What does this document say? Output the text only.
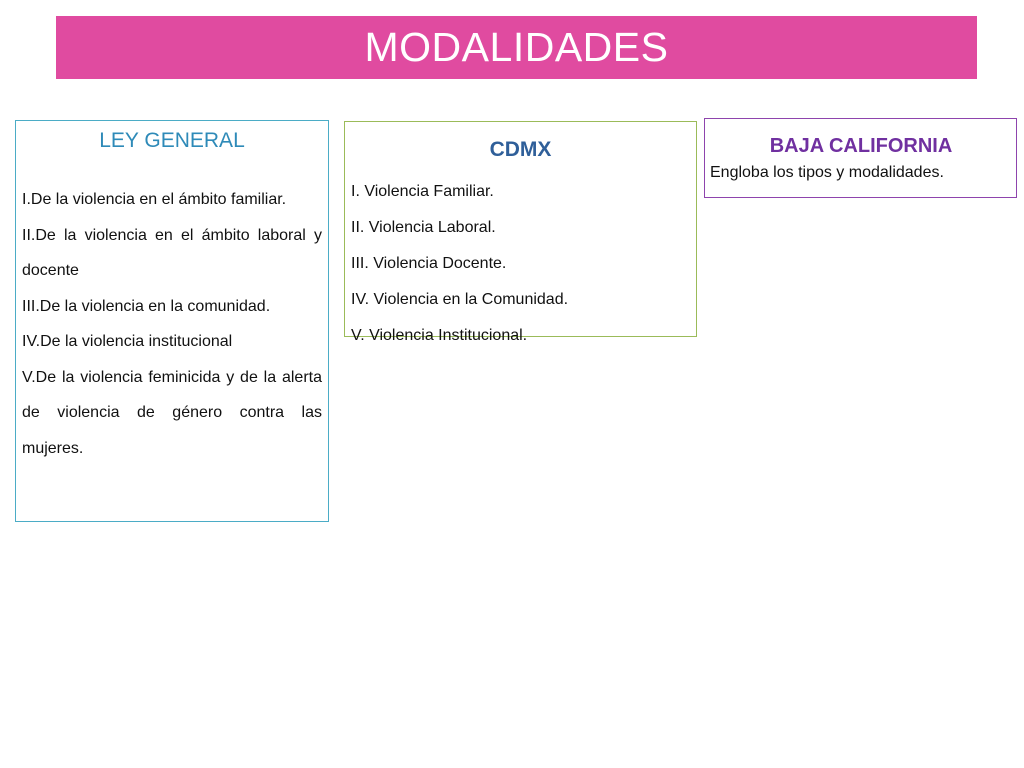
MODALIDADES
LEY GENERAL
I.De la violencia en el ámbito familiar.
II.De la violencia en el ámbito laboral y docente
III.De la violencia en la comunidad.
IV.De la violencia institucional
V.De la violencia feminicida y de la alerta de violencia de género contra las mujeres.
CDMX
I. Violencia Familiar.
II. Violencia Laboral.
III. Violencia Docente.
IV. Violencia en la Comunidad.
V. Violencia Institucional.
BAJA CALIFORNIA

Engloba los tipos y modalidades.
